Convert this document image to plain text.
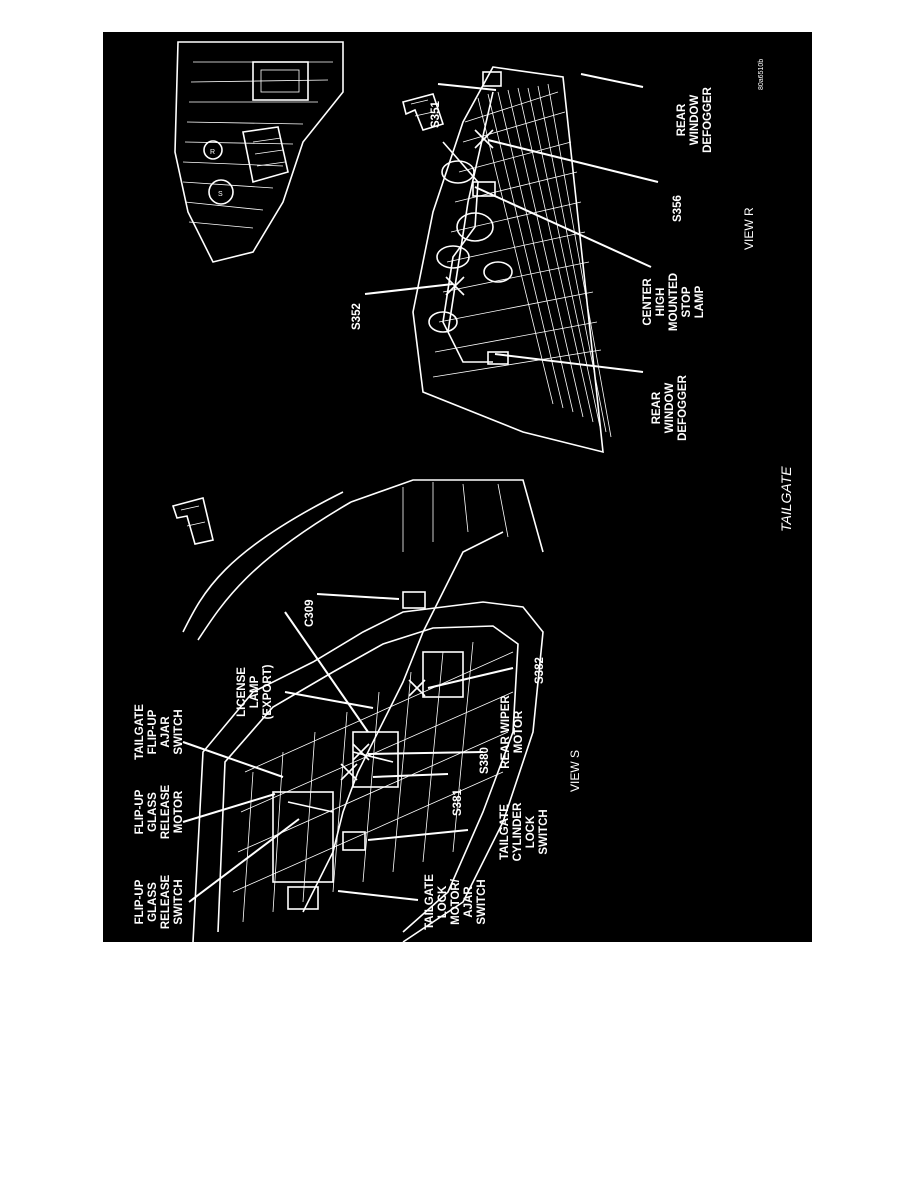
R
S
S351
S356
S352
REAR WINDOW DEFOGGER
CENTER HIGH MOUNTED STOP LAMP
REAR WINDOW DEFOGGER
VIEW R
TAILGATE
80a6510b
FLIP-UP GLASS RELEASE SWITCH
FLIP-UP GLASS RELEASE MOTOR
TAILGATE FLIP-UP AJAR SWITCH
LICENSE LAMP (EXPORT)
TAILGATE LOCK MOTOR/ AJAR SWITCH
TAILGATE CYLINDER LOCK SWITCH
REAR WIPER MOTOR
S381
S380
S382
C309
VIEW S
